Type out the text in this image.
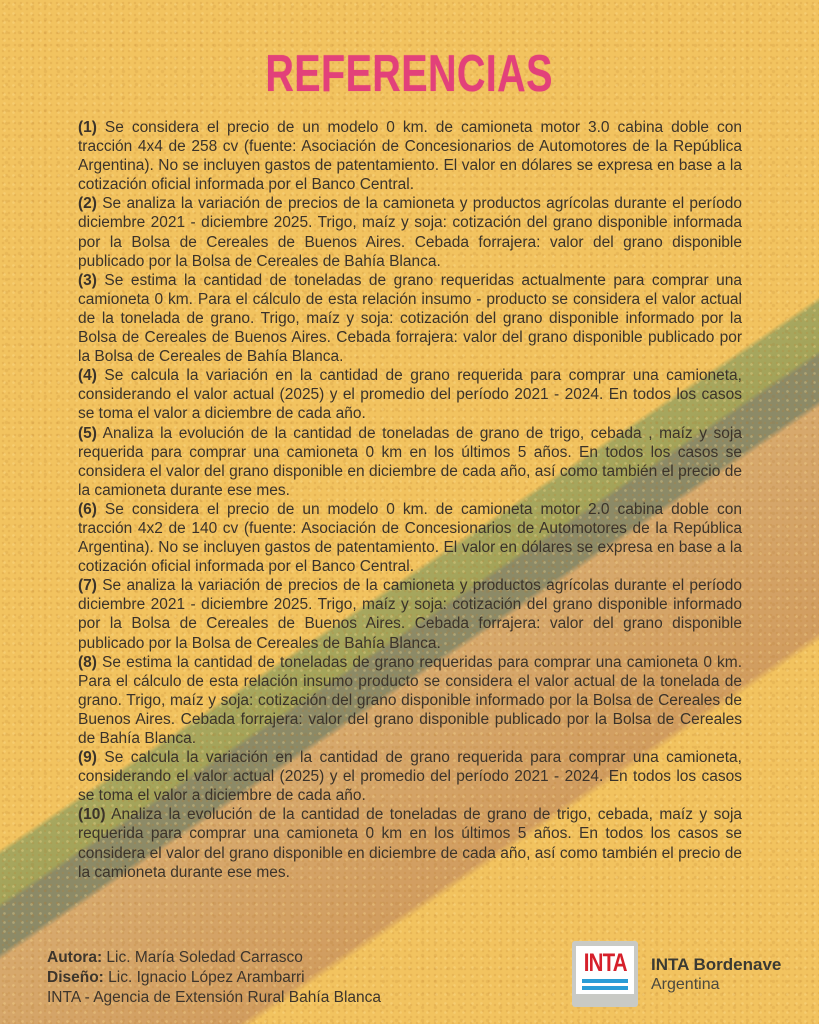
REFERENCIAS

(1) Se considera el precio de un modelo 0 km. de camioneta motor 3.0 cabina doble con tracción 4x4 de 258 cv (fuente: Asociación de Concesionarios de Automotores de la República Argentina). No se incluyen gastos de patentamiento. El valor en dólares se expresa en base a la cotización oficial informada por el Banco Central.

(2) Se analiza la variación de precios de la camioneta y productos agrícolas durante el período diciembre 2021 - diciembre 2025. Trigo, maíz y soja: cotización del grano disponible informada por la Bolsa de Cereales de Buenos Aires. Cebada forrajera: valor del grano disponible publicado por la Bolsa de Cereales de Bahía Blanca.

(3) Se estima la cantidad de toneladas de grano requeridas actualmente para comprar una camioneta 0 km. Para el cálculo de esta relación insumo - producto se considera el valor actual de la tonelada de grano. Trigo, maíz y soja: cotización del grano disponible informado por la Bolsa de Cereales de Buenos Aires. Cebada forrajera: valor del grano disponible publicado por la Bolsa de Cereales de Bahía Blanca.

(4) Se calcula la variación en la cantidad de grano requerida para comprar una camioneta, considerando el valor actual (2025) y el promedio del período 2021 - 2024. En todos los casos se toma el valor a diciembre de cada año.

(5) Analiza la evolución de la cantidad de toneladas de grano de trigo, cebada , maíz y soja requerida para comprar una camioneta 0 km en los últimos 5 años. En todos los casos se considera el valor del grano disponible en diciembre de cada año, así como también el precio de la camioneta durante ese mes.

(6) Se considera el precio de un modelo 0 km. de camioneta motor 2.0 cabina doble con tracción 4x2 de 140 cv (fuente: Asociación de Concesionarios de Automotores de la República Argentina). No se incluyen gastos de patentamiento. El valor en dólares se expresa en base a la cotización oficial informada por el Banco Central.

(7) Se analiza la variación de precios de la camioneta y productos agrícolas durante el período diciembre 2021 - diciembre 2025. Trigo, maíz y soja: cotización del grano disponible informado por la Bolsa de Cereales de Buenos Aires. Cebada forrajera: valor del grano disponible publicado por la Bolsa de Cereales de Bahía Blanca.

(8) Se estima la cantidad de toneladas de grano requeridas para comprar una camioneta 0 km. Para el cálculo de esta relación insumo producto se considera el valor actual de la tonelada de grano. Trigo, maíz y soja: cotización del grano disponible informado por la Bolsa de Cereales de Buenos Aires. Cebada forrajera: valor del grano disponible publicado por la Bolsa de Cereales de Bahía Blanca.

(9) Se calcula la variación en la cantidad de grano requerida para comprar una camioneta, considerando el valor actual (2025) y el promedio del período 2021 - 2024. En todos los casos se toma el valor a diciembre de cada año.

(10) Analiza la evolución de la cantidad de toneladas de grano de trigo, cebada, maíz y soja requerida para comprar una camioneta 0 km en los últimos 5 años. En todos los casos se considera el valor del grano disponible en diciembre de cada año, así como también el precio de la camioneta durante ese mes.

Autora: Lic. María Soledad Carrasco
Diseño: Lic. Ignacio López Arambarri
INTA - Agencia de Extensión Rural Bahía Blanca
INTA INTA Bordenave
Argentina
